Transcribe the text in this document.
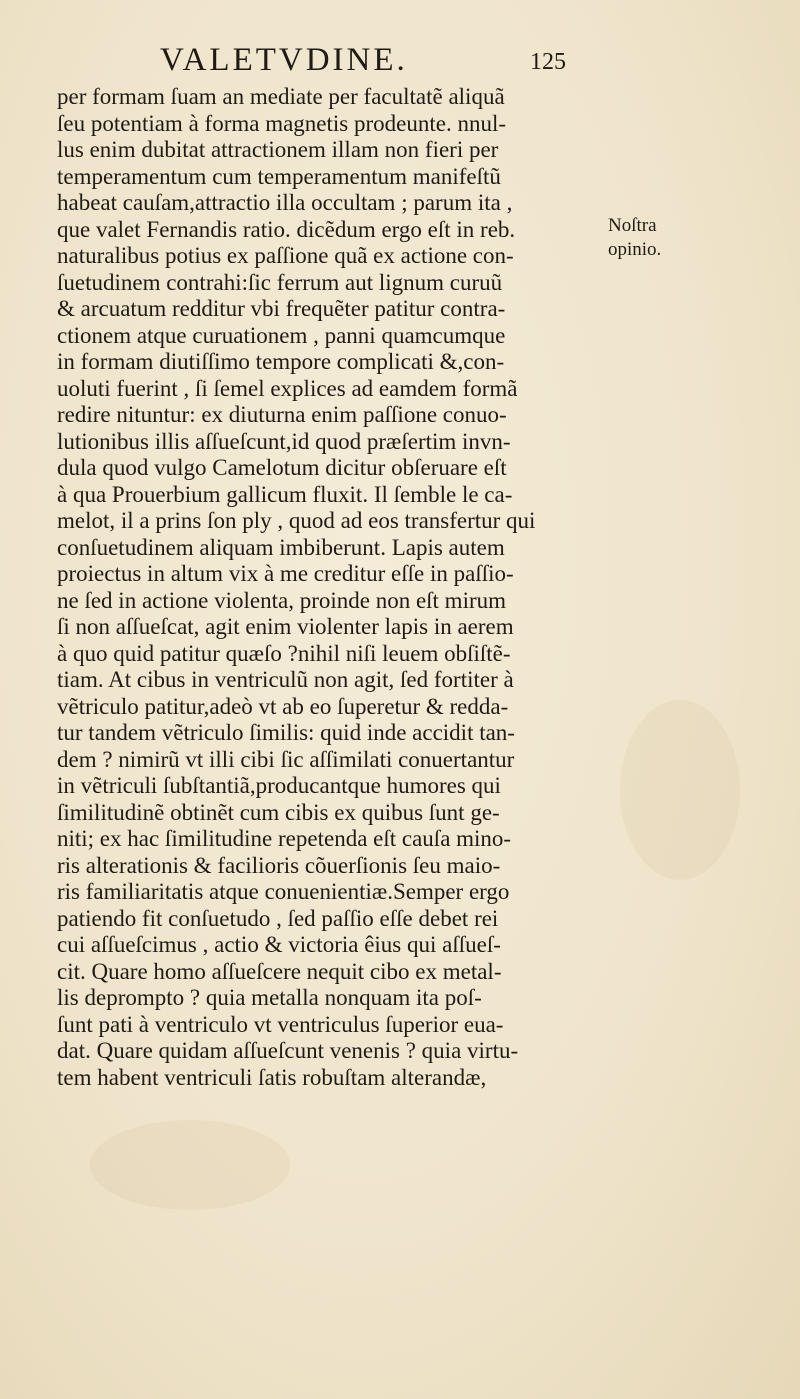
VALETVDINE.	125
per formam ſuam an mediate per facultatẽ aliquã
ſeu potentiam à forma magnetis prodeunte. nnul-
lus enim dubitat attractionem illam non fieri per
temperamentum cum temperamentum manifeſtũ
habeat cauſam,attractio illa occultam ; parum ita ,
que valet Fernandis ratio. dicẽdum ergo eſt in reb.
naturalibus potius ex paſſione quã ex actione con-
ſuetudinem contrahi:ſic ferrum aut lignum curuũ
& arcuatum redditur vbi frequẽter patitur contra-
ctionem atque curuationem , panni quamcumque
in formam diutiſſimo tempore complicati &,con-
uoluti fuerint , ſi ſemel explices ad eamdem formã
redire nituntur: ex diuturna enim paſſione conuo-
lutionibus illis aſſueſcunt,id quod præſertim invn-
dula quod vulgo Camelotum dicitur obſeruare eſt
à qua Prouerbium gallicum fluxit. Il ſemble le ca-
melot, il a prins ſon ply , quod ad eos transfertur qui
conſuetudinem aliquam imbiberunt. Lapis autem
proiectus in altum vix à me creditur eſſe in paſſio-
ne ſed in actione violenta, proinde non eſt mirum
ſi non aſſueſcat, agit enim violenter lapis in aerem
à quo quid patitur quæſo ?nihil niſi leuem obſiſtẽ-
tiam. At cibus in ventriculũ non agit, ſed fortiter à
vẽtriculo patitur,adeò vt ab eo ſuperetur & redda-
tur tandem vẽtriculo ſimilis: quid inde accidit tan-
dem ? nimirũ vt illi cibi ſic aſſimilati conuertantur
in vẽtriculi ſubſtantiã,producantque humores qui
ſimilitudinẽ obtinẽt cum cibis ex quibus ſunt ge-
niti; ex hac ſimilitudine repetenda eſt cauſa mino-
ris alterationis & facilioris cõuerſionis ſeu maio-
ris familiaritatis atque conuenientiæ.Semper ergo
patiendo fit conſuetudo , ſed paſſio eſſe debet rei
cui aſſueſcimus , actio & victoria êius qui aſſueſ-
cit. Quare homo aſſueſcere nequit cibo ex metal-
lis deprompto ? quia metalla nonquam ita poſ-
ſunt pati à ventriculo vt ventriculus ſuperior eua-
dat. Quare quidam aſſueſcunt venenis ? quia virtu-
tem habent ventriculi ſatis robuſtam alterandæ,
Noſtra
opinio.
